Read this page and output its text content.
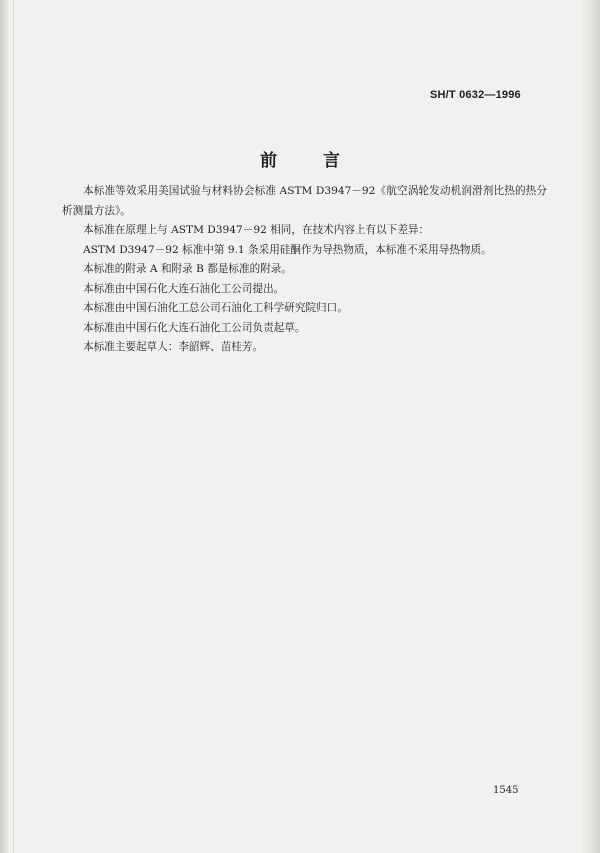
SH/T 0632—1996
前 言

本标准等效采用美国试验与材料协会标准 ASTM D3947－92《航空涡轮发动机润滑剂比热的热分析测量方法》。

本标准在原理上与 ASTM D3947－92 相同，在技术内容上有以下差异：

ASTM D3947－92 标准中第 9.1 条采用硅酮作为导热物质，本标准不采用导热物质。

本标准的附录 A 和附录 B 都是标准的附录。

本标准由中国石化大连石油化工公司提出。

本标准由中国石油化工总公司石油化工科学研究院归口。

本标准由中国石化大连石油化工公司负责起草。

本标准主要起草人：李韶辉、苗桂芳。

1545
